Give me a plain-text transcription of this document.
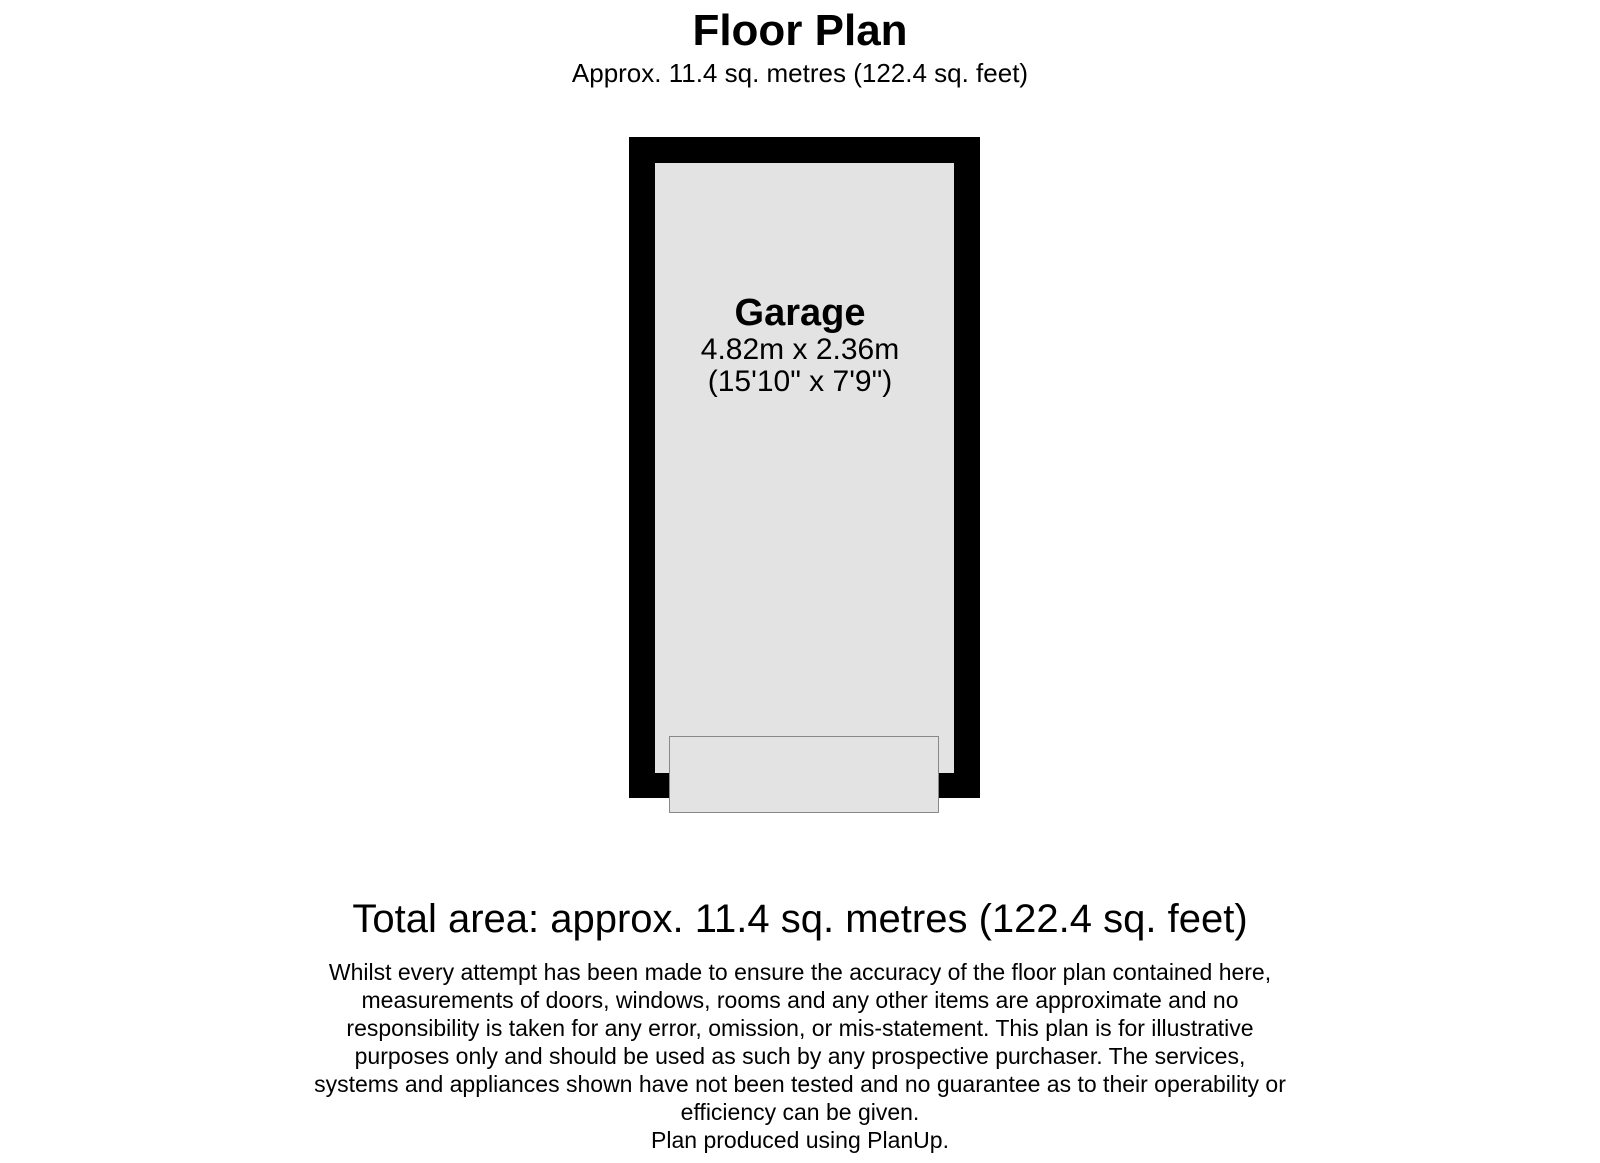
Floor Plan
Approx. 11.4 sq. metres (122.4 sq. feet)
Garage
4.82m x 2.36m
(15'10" x 7'9")
Total area: approx. 11.4 sq. metres (122.4 sq. feet)
Whilst every attempt has been made to ensure the accuracy of the floor plan contained here,
measurements of doors, windows, rooms and any other items are approximate and no
responsibility is taken for any error, omission, or mis-statement. This plan is for illustrative
purposes only and should be used as such by any prospective purchaser. The services,
systems and appliances shown have not been tested and no guarantee as to their operability or
efficiency can be given.
Plan produced using PlanUp.
